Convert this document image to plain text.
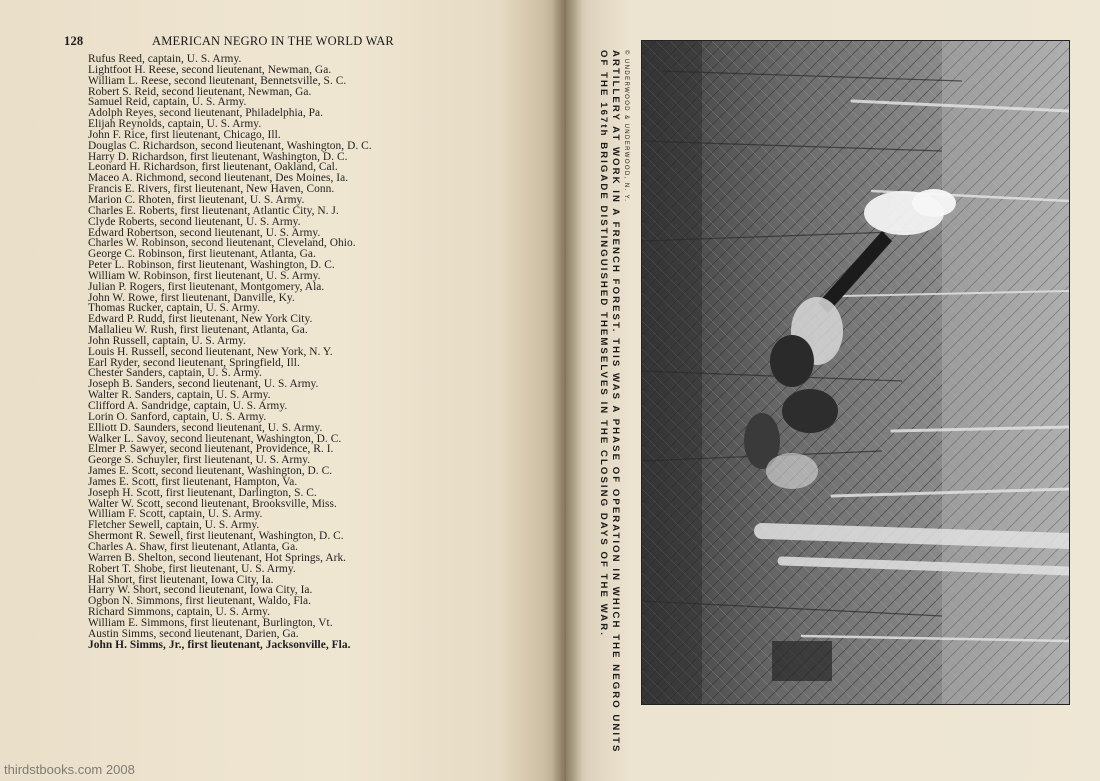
128	AMERICAN NEGRO IN THE WORLD WAR
Rufus Reed, captain, U. S. Army.
Lightfoot H. Reese, second lieutenant, Newman, Ga.
William L. Reese, second lieutenant, Bennetsville, S. C.
Robert S. Reid, second lieutenant, Newman, Ga.
Samuel Reid, captain, U. S. Army.
Adolph Reyes, second lieutenant, Philadelphia, Pa.
Elijah Reynolds, captain, U. S. Army.
John F. Rice, first lieutenant, Chicago, Ill.
Douglas C. Richardson, second lieutenant, Washington, D. C.
Harry D. Richardson, first lieutenant, Washington, D. C.
Leonard H. Richardson, first lieutenant, Oakland, Cal.
Maceo A. Richmond, second lieutenant, Des Moines, Ia.
Francis E. Rivers, first lieutenant, New Haven, Conn.
Marion C. Rhoten, first lieutenant, U. S. Army.
Charles E. Roberts, first lieutenant, Atlantic City, N. J.
Clyde Roberts, second lieutenant, U. S. Army.
Edward Robertson, second lieutenant, U. S. Army.
Charles W. Robinson, second lieutenant, Cleveland, Ohio.
George C. Robinson, first lieutenant, Atlanta, Ga.
Peter L. Robinson, first lieutenant, Washington, D. C.
William W. Robinson, first lieutenant, U. S. Army.
Julian P. Rogers, first lieutenant, Montgomery, Ala.
John W. Rowe, first lieutenant, Danville, Ky.
Thomas Rucker, captain, U. S. Army.
Edward P. Rudd, first lieutenant, New York City.
Mallalieu W. Rush, first lieutenant, Atlanta, Ga.
John Russell, captain, U. S. Army.
Louis H. Russell, second lieutenant, New York, N. Y.
Earl Ryder, second lieutenant, Springfield, Ill.
Chester Sanders, captain, U. S. Army.
Joseph B. Sanders, second lieutenant, U. S. Army.
Walter R. Sanders, captain, U. S. Army.
Clifford A. Sandridge, captain, U. S. Army.
Lorin O. Sanford, captain, U. S. Army.
Elliott D. Saunders, second lieutenant, U. S. Army.
Walker L. Savoy, second lieutenant, Washington, D. C.
Elmer P. Sawyer, second lieutenant, Providence, R. I.
George S. Schuyler, first lieutenant, U. S. Army.
James E. Scott, second lieutenant, Washington, D. C.
James E. Scott, first lieutenant, Hampton, Va.
Joseph H. Scott, first lieutenant, Darlington, S. C.
Walter W. Scott, second lieutenant, Brooksville, Miss.
William F. Scott, captain, U. S. Army.
Fletcher Sewell, captain, U. S. Army.
Shermont R. Sewell, first lieutenant, Washington, D. C.
Charles A. Shaw, first lieutenant, Atlanta, Ga.
Warren B. Shelton, second lieutenant, Hot Springs, Ark.
Robert T. Shobe, first lieutenant, U. S. Army.
Hal Short, first lieutenant, Iowa City, Ia.
Harry W. Short, second lieutenant, Iowa City, Ia.
Ogbon N. Simmons, first lieutenant, Waldo, Fla.
Richard Simmons, captain, U. S. Army.
William E. Simmons, first lieutenant, Burlington, Vt.
Austin Simms, second lieutenant, Darien, Ga.
John H. Simms, Jr., first lieutenant, Jacksonville, Fla.
© UNDERWOOD & UNDERWOOD, N. Y.
ARTILLERY AT WORK IN A FRENCH FOREST. THIS WAS A PHASE OF OPERATION IN WHICH THE NEGRO UNITS
OF THE 167th BRIGADE DISTINGUISHED THEMSELVES IN THE CLOSING DAYS OF THE WAR.
thirdstbooks.com 2008
